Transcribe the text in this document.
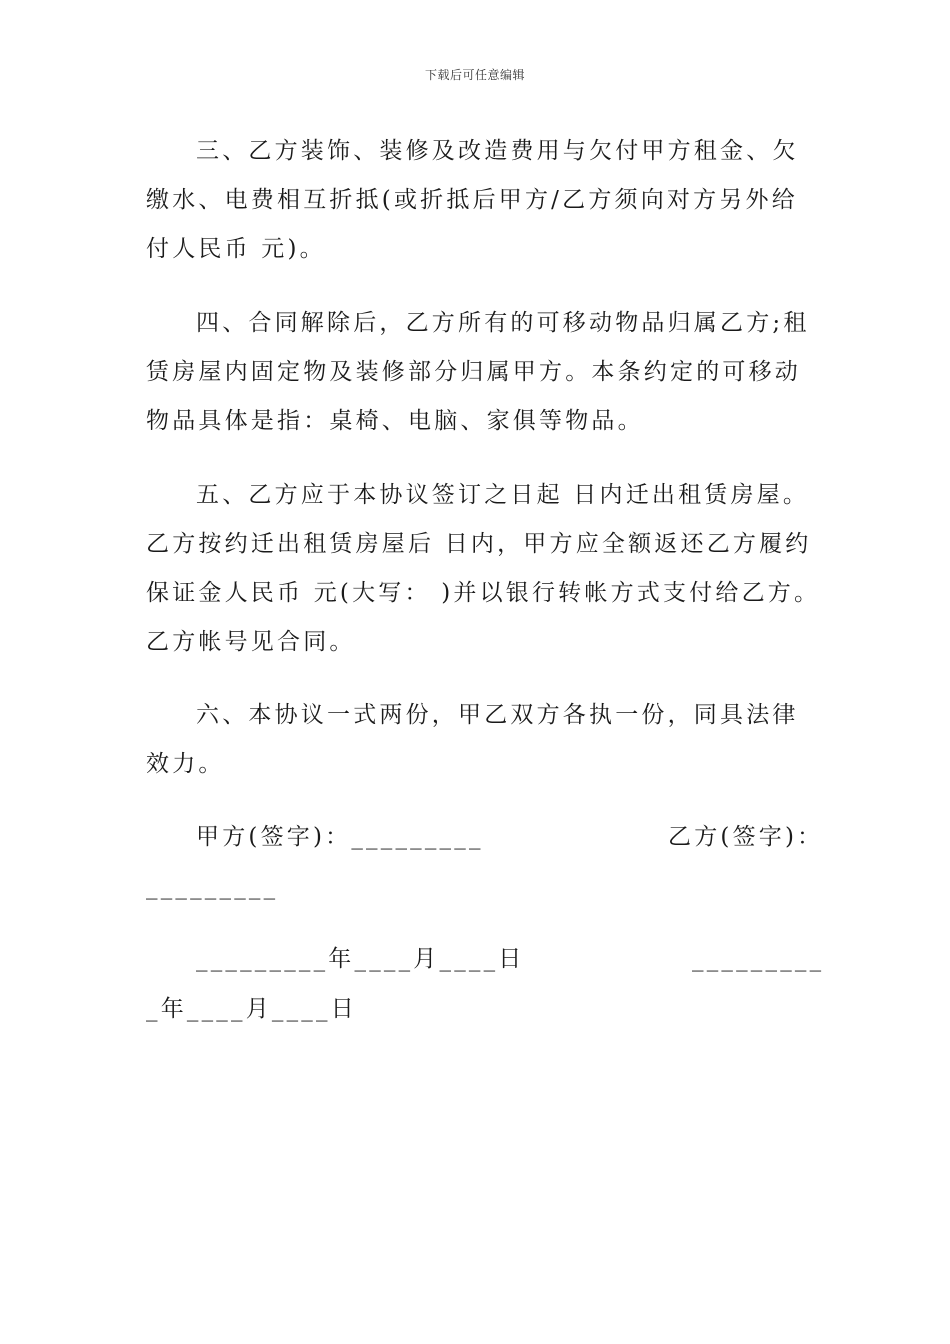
下载后可任意编辑
三、乙方装饰、装修及改造费用与欠付甲方租金、欠
缴水、电费相互折抵(或折抵后甲方/乙方须向对方另外给
付人民币 元)。
四、合同解除后，乙方所有的可移动物品归属乙方;租
赁房屋内固定物及装修部分归属甲方。本条约定的可移动
物品具体是指：桌椅、电脑、家俱等物品。
五、乙方应于本协议签订之日起 日内迁出租赁房屋。
乙方按约迁出租赁房屋后 日内，甲方应全额返还乙方履约
保证金人民币 元(大写： )并以银行转帐方式支付给乙方。
乙方帐号见合同。
六、本协议一式两份，甲乙双方各执一份，同具法律
效力。
甲方(签字)：_________	乙方(签字)：
_________
_________年____月____日	_________
_年____月____日
